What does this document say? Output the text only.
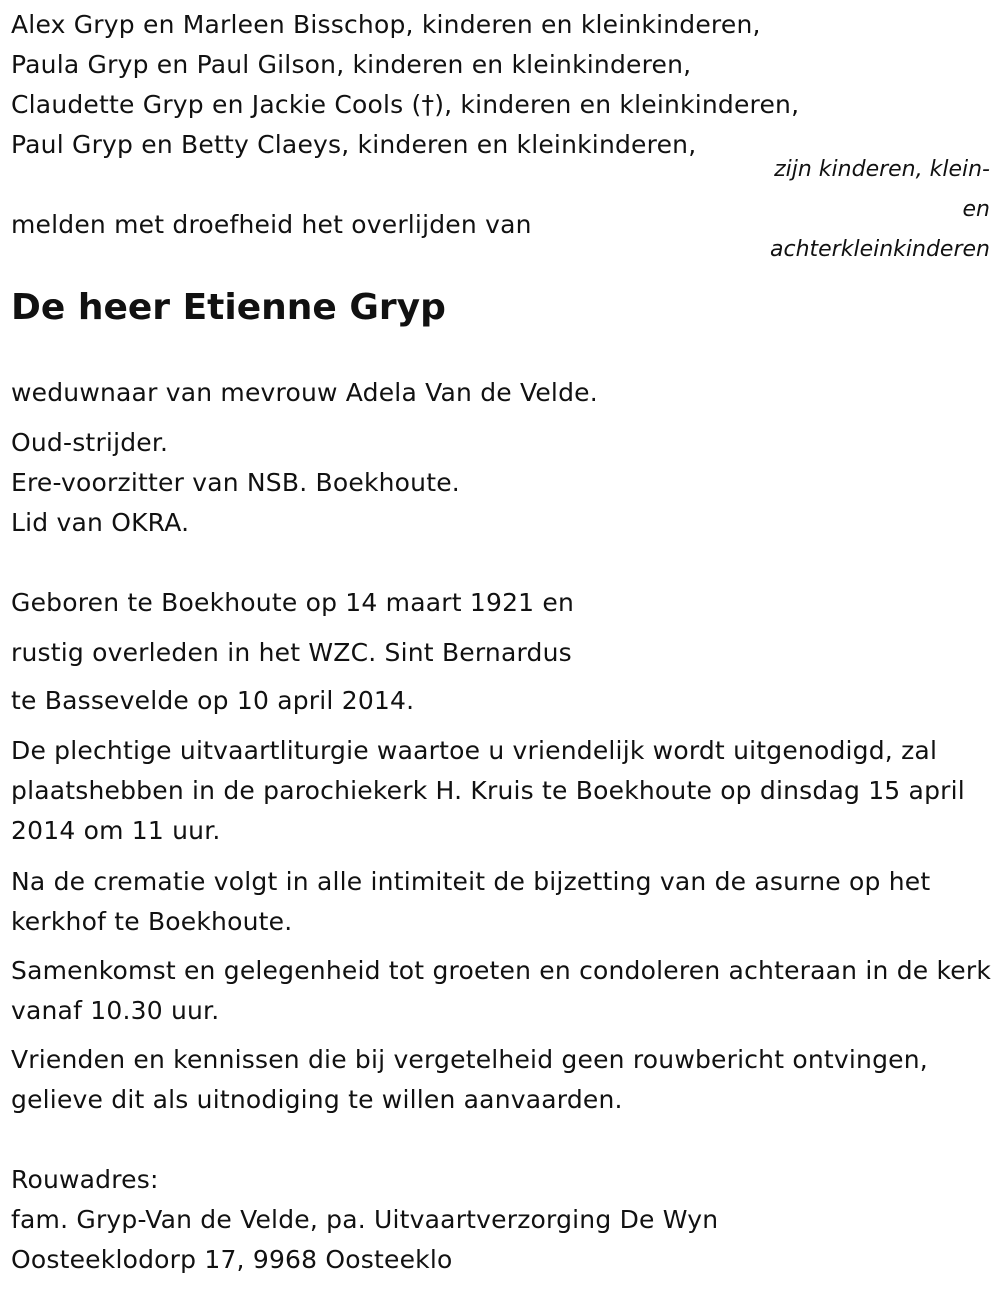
Alex Gryp en Marleen Bisschop, kinderen en kleinkinderen,
Paula Gryp en Paul Gilson, kinderen en kleinkinderen,
Claudette Gryp en Jackie Cools (†), kinderen en kleinkinderen,
Paul Gryp en Betty Claeys, kinderen en kleinkinderen,
zijn kinderen, klein-
en
achterkleinkinderen
melden met droefheid het overlijden van
De heer Etienne Gryp
weduwnaar van mevrouw Adela Van de Velde.
Oud-strijder.
Ere-voorzitter van NSB. Boekhoute.
Lid van OKRA.
Geboren te Boekhoute op 14 maart 1921 en
rustig overleden in het WZC. Sint Bernardus
te Bassevelde op 10 april 2014.
De plechtige uitvaartliturgie waartoe u vriendelijk wordt uitgenodigd, zal plaatshebben in de parochiekerk H. Kruis te Boekhoute op dinsdag 15 april 2014 om 11 uur.
Na de crematie volgt in alle intimiteit de bijzetting van de asurne op het kerkhof te Boekhoute.
Samenkomst en gelegenheid tot groeten en condoleren achteraan in de kerk vanaf 10.30 uur.
Vrienden en kennissen die bij vergetelheid geen rouwbericht ontvingen, gelieve dit als uitnodiging te willen aanvaarden.
Rouwadres:
fam. Gryp-Van de Velde, pa. Uitvaartverzorging De Wyn
Oosteeklodorp 17, 9968 Oosteeklo
